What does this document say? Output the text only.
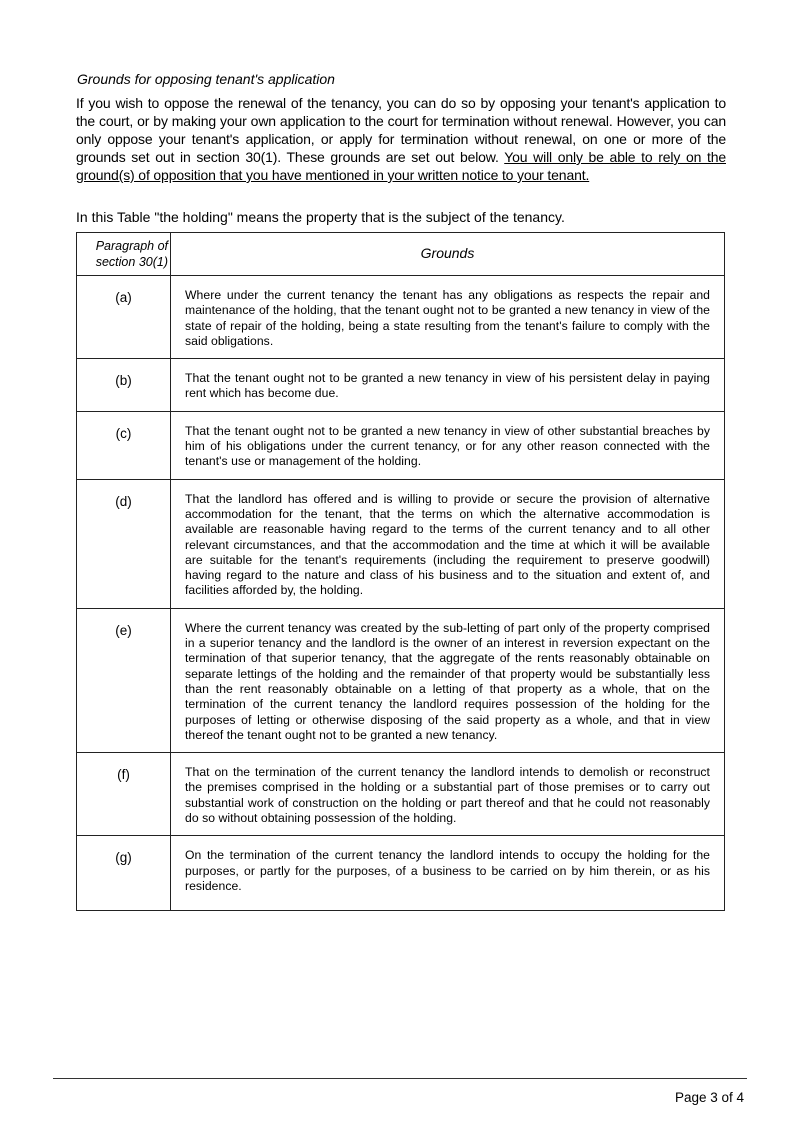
Grounds for opposing tenant's application

If you wish to oppose the renewal of the tenancy, you can do so by opposing your tenant's application to the court, or by making your own application to the court for termination without renewal. However, you can only oppose your tenant's application, or apply for termination without renewal, on one or more of the grounds set out in section 30(1). These grounds are set out below. You will only be able to rely on the ground(s) of opposition that you have mentioned in your written notice to your tenant.

In this Table "the holding" means the property that is the subject of the tenancy.
Paragraph of section 30(1)	Grounds
(a)	Where under the current tenancy the tenant has any obligations as respects the repair and maintenance of the holding, that the tenant ought not to be granted a new tenancy in view of the state of repair of the holding, being a state resulting from the tenant's failure to comply with the said obligations.
(b)	That the tenant ought not to be granted a new tenancy in view of his persistent delay in paying rent which has become due.
(c)	That the tenant ought not to be granted a new tenancy in view of other substantial breaches by him of his obligations under the current tenancy, or for any other reason connected with the tenant's use or management of the holding.
(d)	That the landlord has offered and is willing to provide or secure the provision of alternative accommodation for the tenant, that the terms on which the alternative accommodation is available are reasonable having regard to the terms of the current tenancy and to all other relevant circumstances, and that the accommodation and the time at which it will be available are suitable for the tenant's requirements (including the requirement to preserve goodwill) having regard to the nature and class of his business and to the situation and extent of, and facilities afforded by, the holding.
(e)	Where the current tenancy was created by the sub-letting of part only of the property comprised in a superior tenancy and the landlord is the owner of an interest in reversion expectant on the termination of that superior tenancy, that the aggregate of the rents reasonably obtainable on separate lettings of the holding and the remainder of that property would be substantially less than the rent reasonably obtainable on a letting of that property as a whole, that on the termination of the current tenancy the landlord requires possession of the holding for the purposes of letting or otherwise disposing of the said property as a whole, and that in view thereof the tenant ought not to be granted a new tenancy.
(f)	That on the termination of the current tenancy the landlord intends to demolish or reconstruct the premises comprised in the holding or a substantial part of those premises or to carry out substantial work of construction on the holding or part thereof and that he could not reasonably do so without obtaining possession of the holding.
(g)	On the termination of the current tenancy the landlord intends to occupy the holding for the purposes, or partly for the purposes, of a business to be carried on by him therein, or as his residence.
Page 3 of 4
